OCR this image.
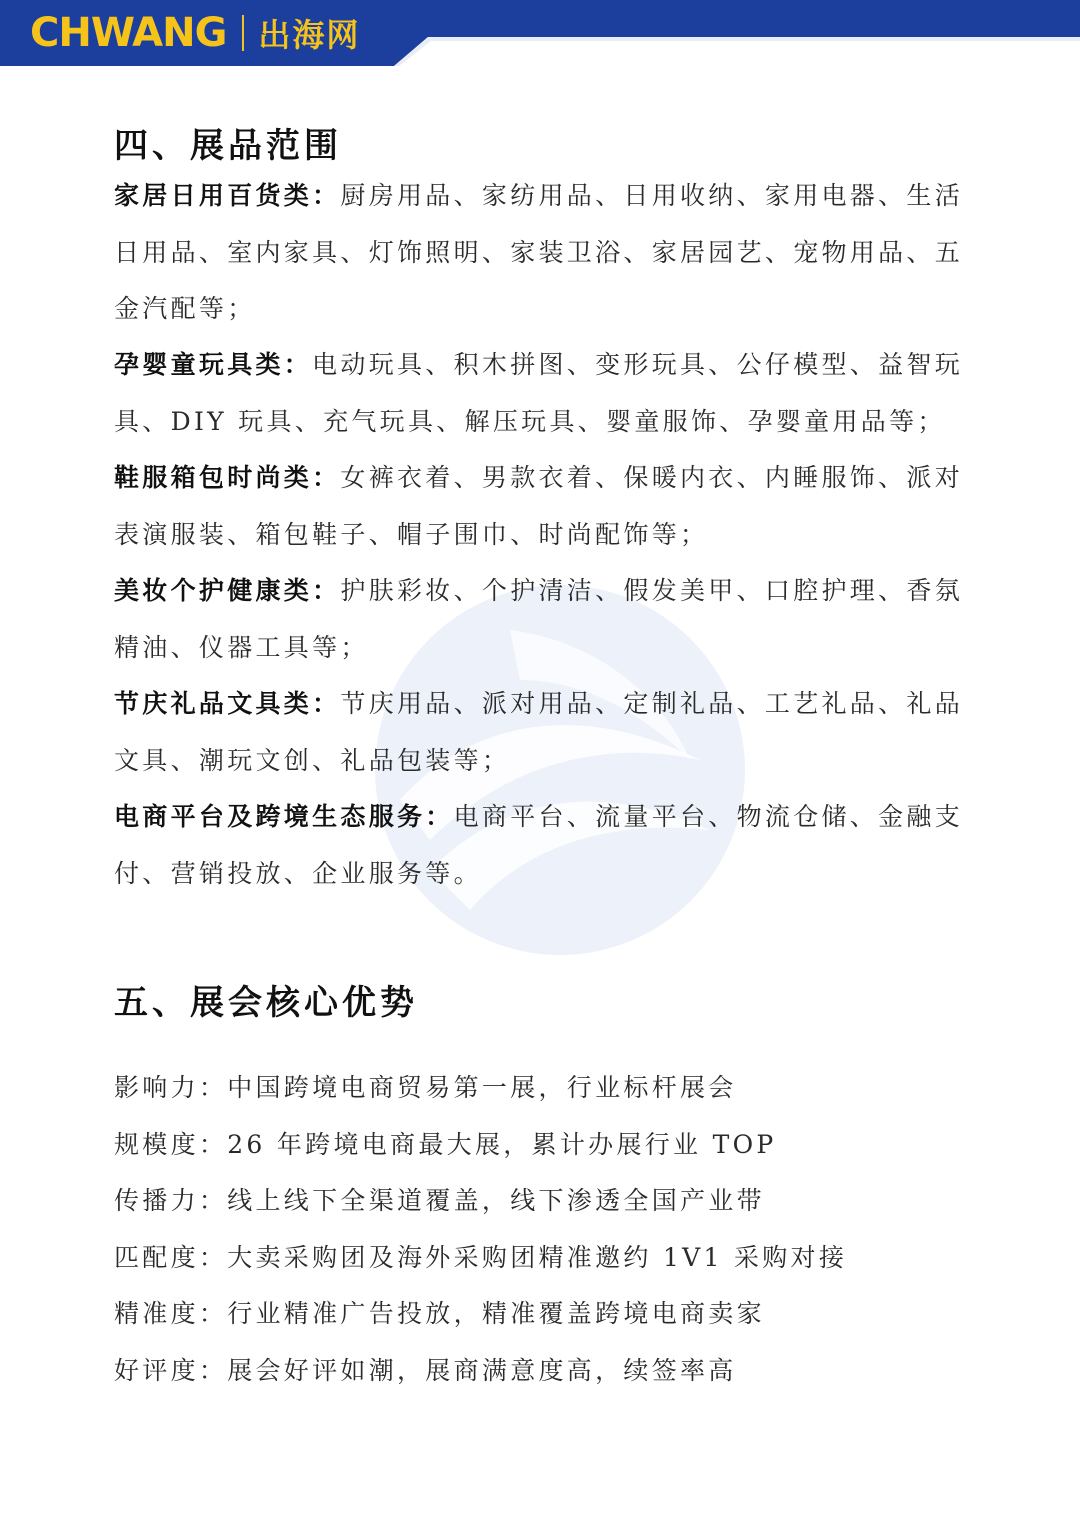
CHWANG 出海网	企业跨境出海综合服务平台
四、展品范围
家居日用百货类：厨房用品、家纺用品、日用收纳、家用电器、生活日用品、室内家具、灯饰照明、家装卫浴、家居园艺、宠物用品、五金汽配等；
孕婴童玩具类：电动玩具、积木拼图、变形玩具、公仔模型、益智玩具、DIY 玩具、充气玩具、解压玩具、婴童服饰、孕婴童用品等；
鞋服箱包时尚类：女裤衣着、男款衣着、保暖内衣、内睡服饰、派对表演服装、箱包鞋子、帽子围巾、时尚配饰等；
美妆个护健康类：护肤彩妆、个护清洁、假发美甲、口腔护理、香氛精油、仪器工具等；
节庆礼品文具类：节庆用品、派对用品、定制礼品、工艺礼品、礼品文具、潮玩文创、礼品包装等；
电商平台及跨境生态服务：电商平台、流量平台、物流仓储、金融支付、营销投放、企业服务等。
五、展会核心优势
影响力：中国跨境电商贸易第一展，行业标杆展会
规模度：26 年跨境电商最大展，累计办展行业 TOP
传播力：线上线下全渠道覆盖，线下渗透全国产业带
匹配度：大卖采购团及海外采购团精准邀约 1V1 采购对接
精准度：行业精准广告投放，精准覆盖跨境电商卖家
好评度：展会好评如潮，展商满意度高，续签率高
